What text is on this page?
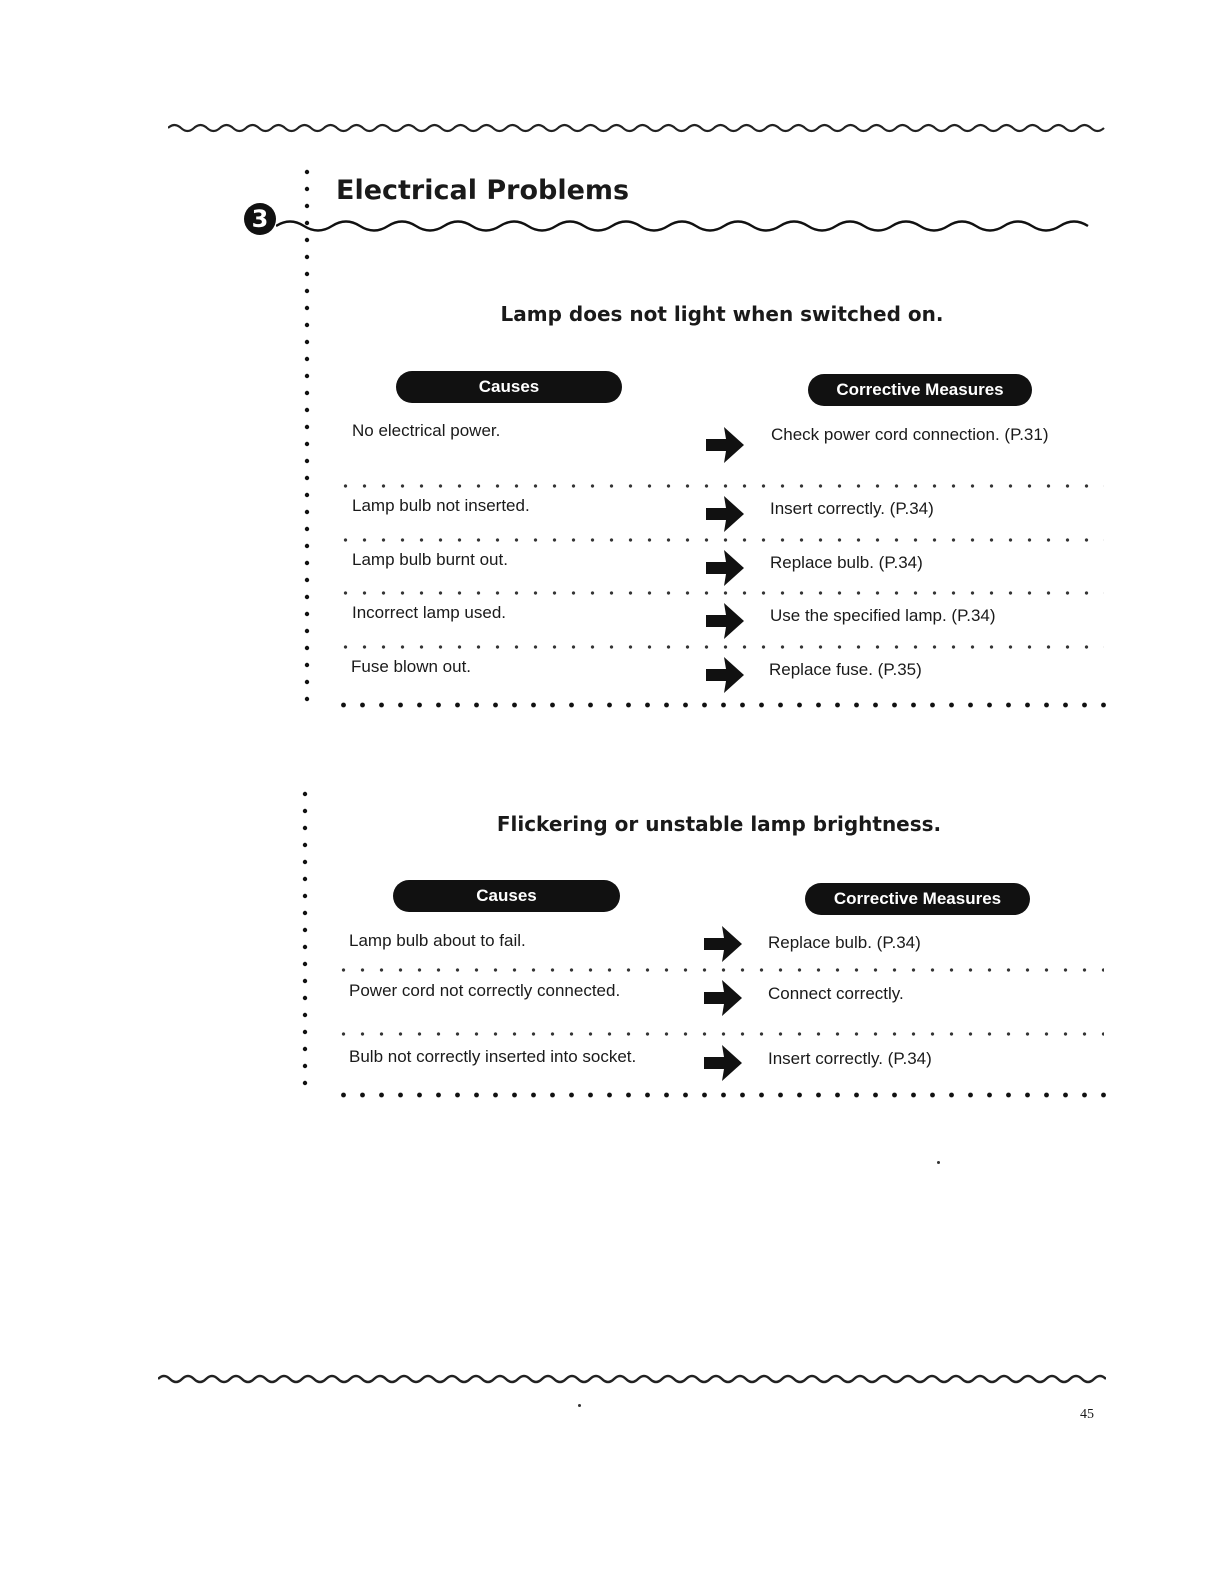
3
Electrical Problems
Lamp does not light when switched on.
Causes	Corrective Measures
No electrical power.	Check power cord connection. (P.31)
Lamp bulb not inserted.	Insert correctly. (P.34)
Lamp bulb burnt out.	Replace bulb. (P.34)
Incorrect lamp used.	Use the specified lamp. (P.34)
Fuse blown out.	Replace fuse. (P.35)
Flickering or unstable lamp brightness.
Causes	Corrective Measures
Lamp bulb about to fail.	Replace bulb. (P.34)
Power cord not correctly connected.	Connect correctly.
Bulb not correctly inserted into socket.	Insert correctly. (P.34)
45
